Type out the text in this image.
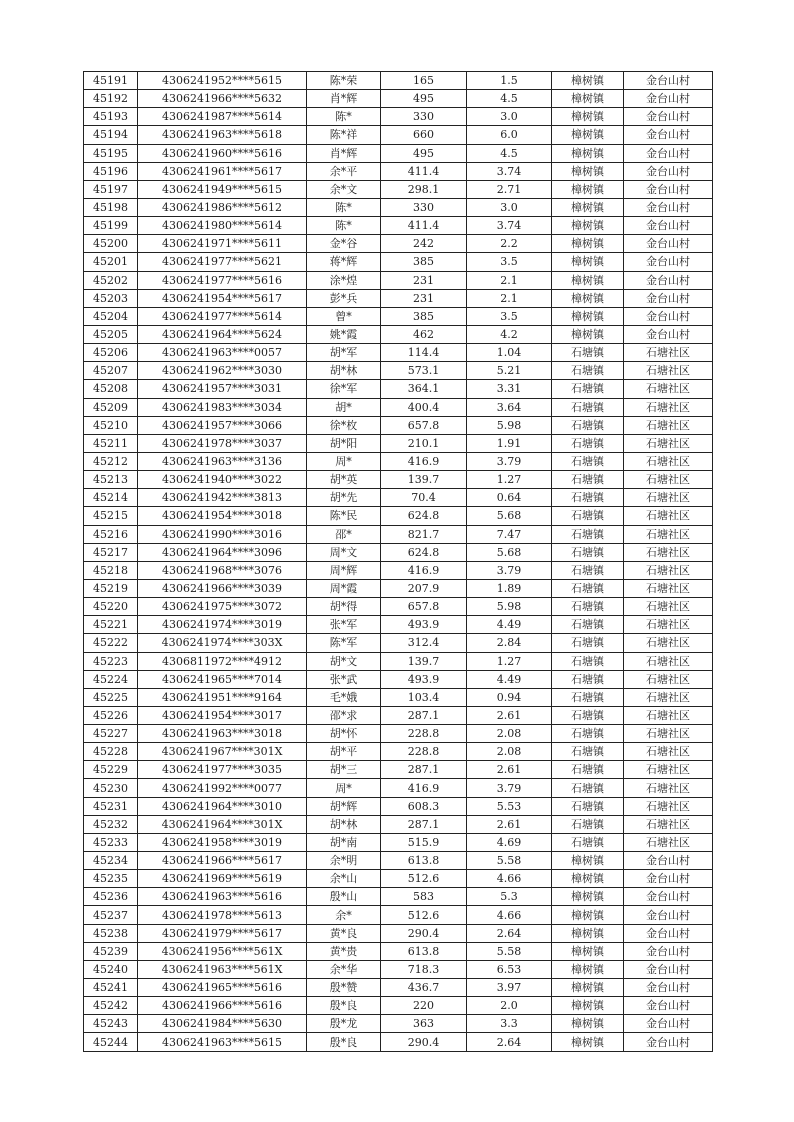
45191	4306241952****5615	陈*荣	165	1.5	樟树镇	金台山村
45192	4306241966****5632	肖*辉	495	4.5	樟树镇	金台山村
45193	4306241987****5614	陈*	330	3.0	樟树镇	金台山村
45194	4306241963****5618	陈*祥	660	6.0	樟树镇	金台山村
45195	4306241960****5616	肖*辉	495	4.5	樟树镇	金台山村
45196	4306241961****5617	余*平	411.4	3.74	樟树镇	金台山村
45197	4306241949****5615	余*文	298.1	2.71	樟树镇	金台山村
45198	4306241986****5612	陈*	330	3.0	樟树镇	金台山村
45199	4306241980****5614	陈*	411.4	3.74	樟树镇	金台山村
45200	4306241971****5611	金*谷	242	2.2	樟树镇	金台山村
45201	4306241977****5621	蒋*辉	385	3.5	樟树镇	金台山村
45202	4306241977****5616	涂*煌	231	2.1	樟树镇	金台山村
45203	4306241954****5617	彭*兵	231	2.1	樟树镇	金台山村
45204	4306241977****5614	曾*	385	3.5	樟树镇	金台山村
45205	4306241964****5624	姚*霞	462	4.2	樟树镇	金台山村
45206	4306241963****0057	胡*军	114.4	1.04	石塘镇	石塘社区
45207	4306241962****3030	胡*林	573.1	5.21	石塘镇	石塘社区
45208	4306241957****3031	徐*军	364.1	3.31	石塘镇	石塘社区
45209	4306241983****3034	胡*	400.4	3.64	石塘镇	石塘社区
45210	4306241957****3066	徐*枚	657.8	5.98	石塘镇	石塘社区
45211	4306241978****3037	胡*阳	210.1	1.91	石塘镇	石塘社区
45212	4306241963****3136	周*	416.9	3.79	石塘镇	石塘社区
45213	4306241940****3022	胡*英	139.7	1.27	石塘镇	石塘社区
45214	4306241942****3813	胡*先	70.4	0.64	石塘镇	石塘社区
45215	4306241954****3018	陈*民	624.8	5.68	石塘镇	石塘社区
45216	4306241990****3016	邵*	821.7	7.47	石塘镇	石塘社区
45217	4306241964****3096	周*文	624.8	5.68	石塘镇	石塘社区
45218	4306241968****3076	周*辉	416.9	3.79	石塘镇	石塘社区
45219	4306241966****3039	周*霞	207.9	1.89	石塘镇	石塘社区
45220	4306241975****3072	胡*得	657.8	5.98	石塘镇	石塘社区
45221	4306241974****3019	张*军	493.9	4.49	石塘镇	石塘社区
45222	4306241974****303X	陈*军	312.4	2.84	石塘镇	石塘社区
45223	4306811972****4912	胡*文	139.7	1.27	石塘镇	石塘社区
45224	4306241965****7014	张*武	493.9	4.49	石塘镇	石塘社区
45225	4306241951****9164	毛*娥	103.4	0.94	石塘镇	石塘社区
45226	4306241954****3017	邵*求	287.1	2.61	石塘镇	石塘社区
45227	4306241963****3018	胡*怀	228.8	2.08	石塘镇	石塘社区
45228	4306241967****301X	胡*平	228.8	2.08	石塘镇	石塘社区
45229	4306241977****3035	胡*三	287.1	2.61	石塘镇	石塘社区
45230	4306241992****0077	周*	416.9	3.79	石塘镇	石塘社区
45231	4306241964****3010	胡*辉	608.3	5.53	石塘镇	石塘社区
45232	4306241964****301X	胡*林	287.1	2.61	石塘镇	石塘社区
45233	4306241958****3019	胡*南	515.9	4.69	石塘镇	石塘社区
45234	4306241966****5617	余*明	613.8	5.58	樟树镇	金台山村
45235	4306241969****5619	余*山	512.6	4.66	樟树镇	金台山村
45236	4306241963****5616	殷*山	583	5.3	樟树镇	金台山村
45237	4306241978****5613	余*	512.6	4.66	樟树镇	金台山村
45238	4306241979****5617	黄*良	290.4	2.64	樟树镇	金台山村
45239	4306241956****561X	黄*贵	613.8	5.58	樟树镇	金台山村
45240	4306241963****561X	余*华	718.3	6.53	樟树镇	金台山村
45241	4306241965****5616	殷*赞	436.7	3.97	樟树镇	金台山村
45242	4306241966****5616	殷*良	220	2.0	樟树镇	金台山村
45243	4306241984****5630	殷*龙	363	3.3	樟树镇	金台山村
45244	4306241963****5615	殷*良	290.4	2.64	樟树镇	金台山村
